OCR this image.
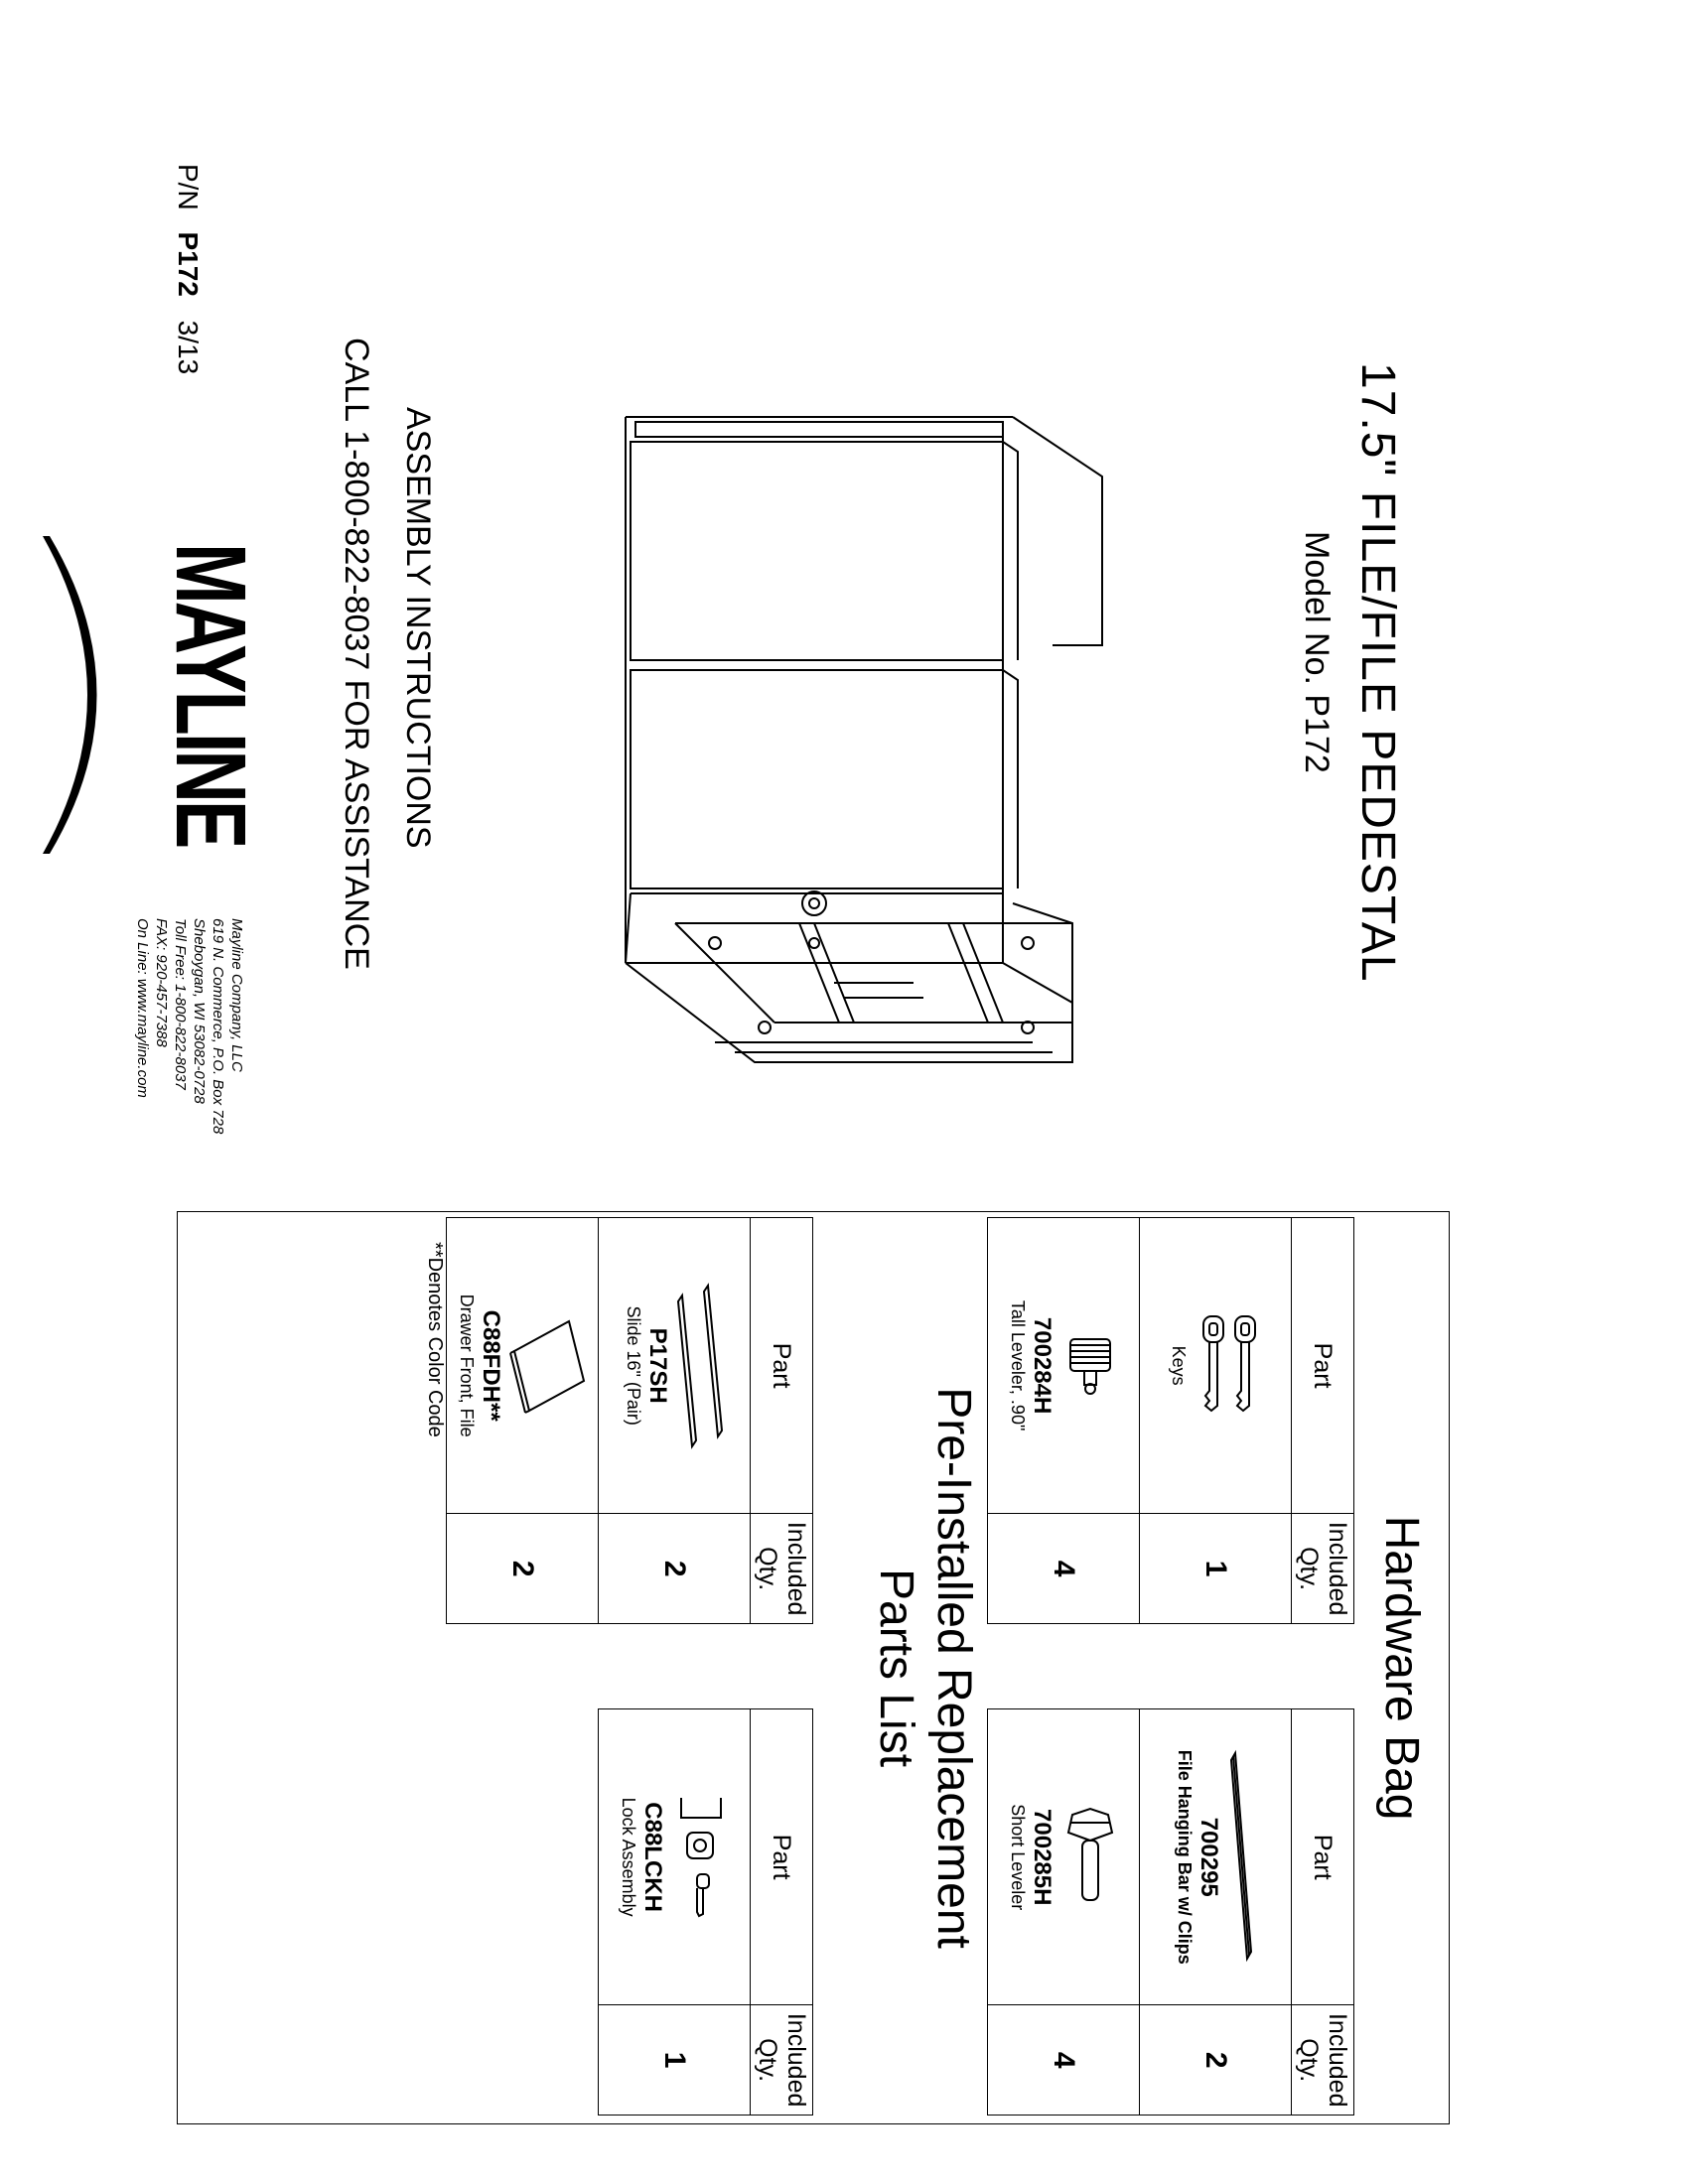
17.5" FILE/FILE PEDESTAL
Model No. P172
ASSEMBLY INSTRUCTIONS
CALL 1-800-822-8037 FOR ASSISTANCE
MAYLINE
Mayline Company, LLC
619 N. Commerce, P.O. Box 728
Sheboygan, WI 53082-0728
Toll Free: 1-800-822-8037
FAX: 920-457-7388
On Line: www.mayline.com
P/N P172 3/13
Hardware Bag
Part	Included
Qty.

Keys	1

700284H
Tall Leveler, .90"	4
Part	Included
Qty.

700295
File Hanging Bar w/ Clips	2

700285H
Short Leveler	4
Pre-Installed Replacement
Parts List
Part	Included
Qty.

P17SH
Slide 16" (Pair)	2

C88FDH**
Drawer Front, File	2
Part	Included
Qty.

C88LCKH
Lock Assembly	1
**Denotes Color Code
